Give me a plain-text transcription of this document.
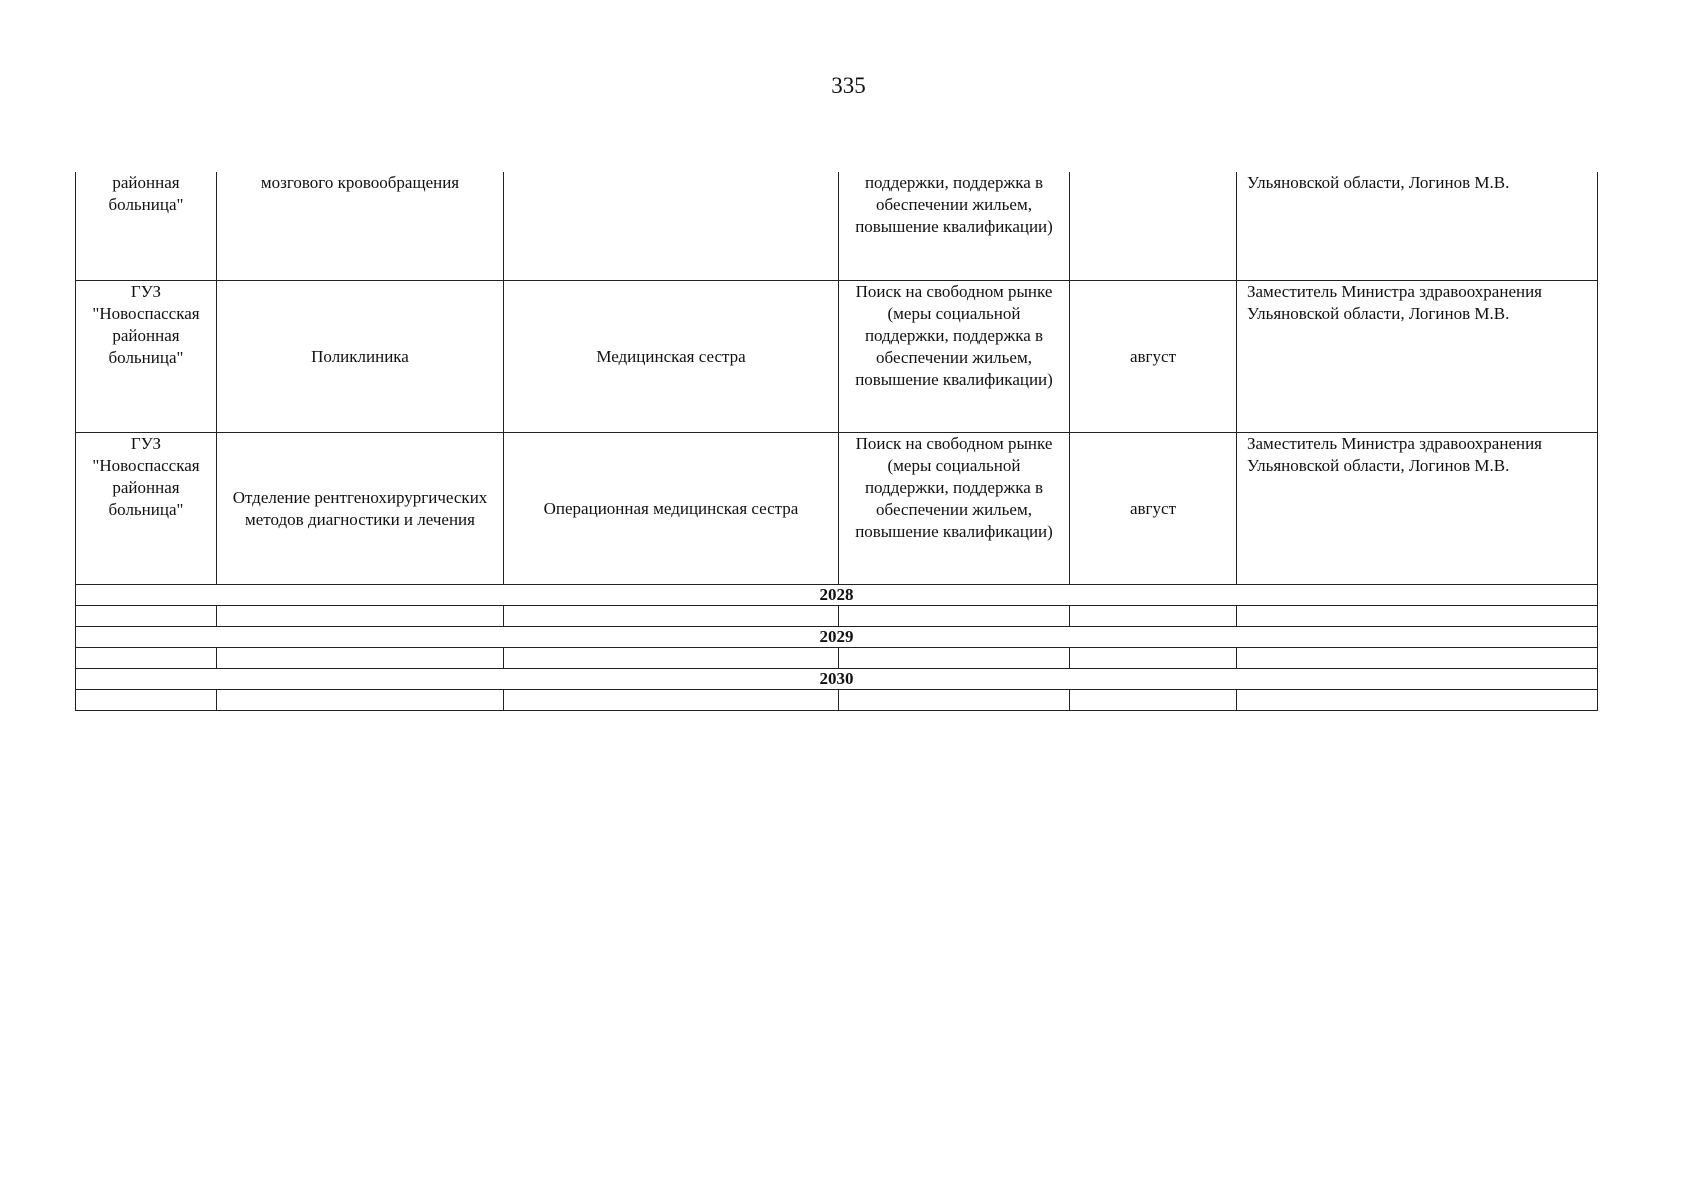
335
районная больница"	мозгового кровообращения		поддержки, поддержка в обеспечении жильем, повышение квалификации)		Ульяновской области, Логинов М.В.
ГУЗ "Новоспасская районная больница"	Поликлиника	Медицинская сестра	Поиск на свободном рынке (меры социальной поддержки, поддержка в обеспечении жильем, повышение квалификации)	август	Заместитель Министра здравоохранения Ульяновской области, Логинов М.В.
ГУЗ "Новоспасская районная больница"	Отделение рентгенохирургических методов диагностики и лечения	Операционная медицинская сестра	Поиск на свободном рынке (меры социальной поддержки, поддержка в обеспечении жильем, повышение квалификации)	август	Заместитель Министра здравоохранения Ульяновской области, Логинов М.В.
2028					

2029					

2030					
